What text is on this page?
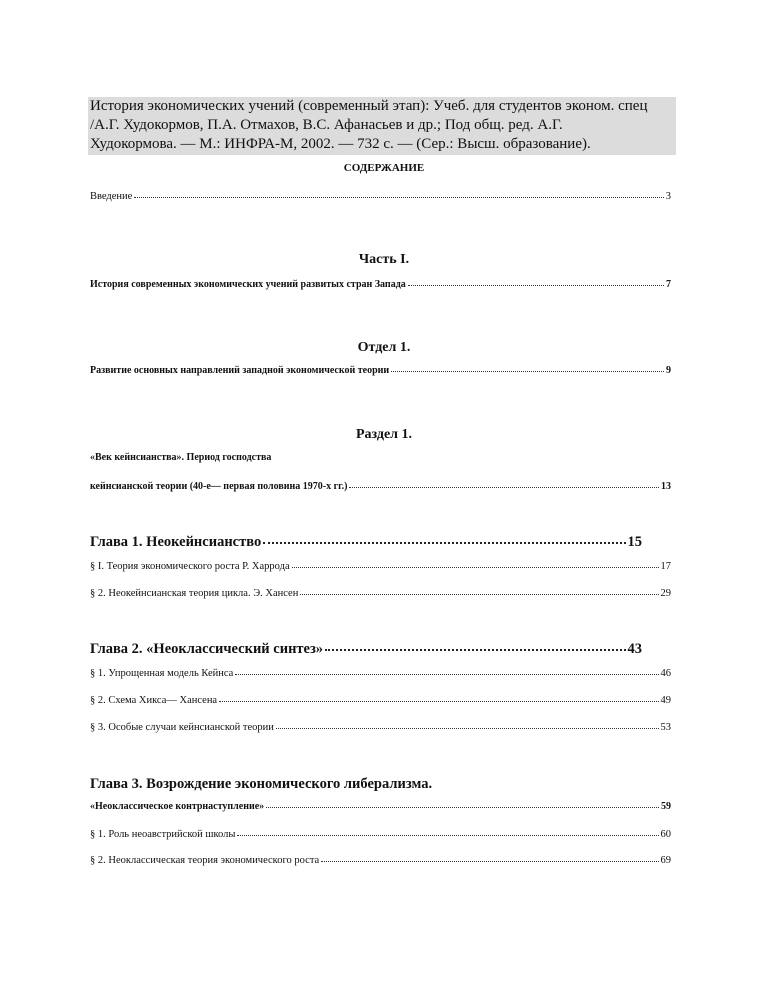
История экономических учений (современный этап): Учеб. для студентов эконом. спец
/А.Г. Худокормов, П.А. Отмахов, В.С. Афанасьев и др.; Под общ. ред. А.Г.
Худокормова. — М.: ИНФРА-М, 2002. — 732 с. — (Сер.: Высш. образование).
СОДЕРЖАНИЕ
Введение	3
Часть I.
История современных экономических учений развитых стран Запада	7
Отдел 1.
Развитие основных направлений западной экономической теории	9
Раздел 1.
«Век кейнсианства». Период господства
кейнсианской теории (40-е— первая половина 1970-х гг.)	13
Глава 1. Неокейнсианство	15
§ I. Теория экономического роста Р. Харрода	17
§ 2. Неокейнсианская теория цикла. Э. Хансен	29
Глава 2. «Неоклассический синтез»	43
§ 1. Упрощенная модель Кейнса	46
§ 2. Схема Хикса— Хансена	49
§ 3. Особые случаи кейнсианской теории	53
Глава 3. Возрождение экономического либерализма.
«Неоклассическое контрнаступление»	59
§ 1. Роль неоавстрийской школы	60
§ 2. Неоклассическая теория экономического роста	69
